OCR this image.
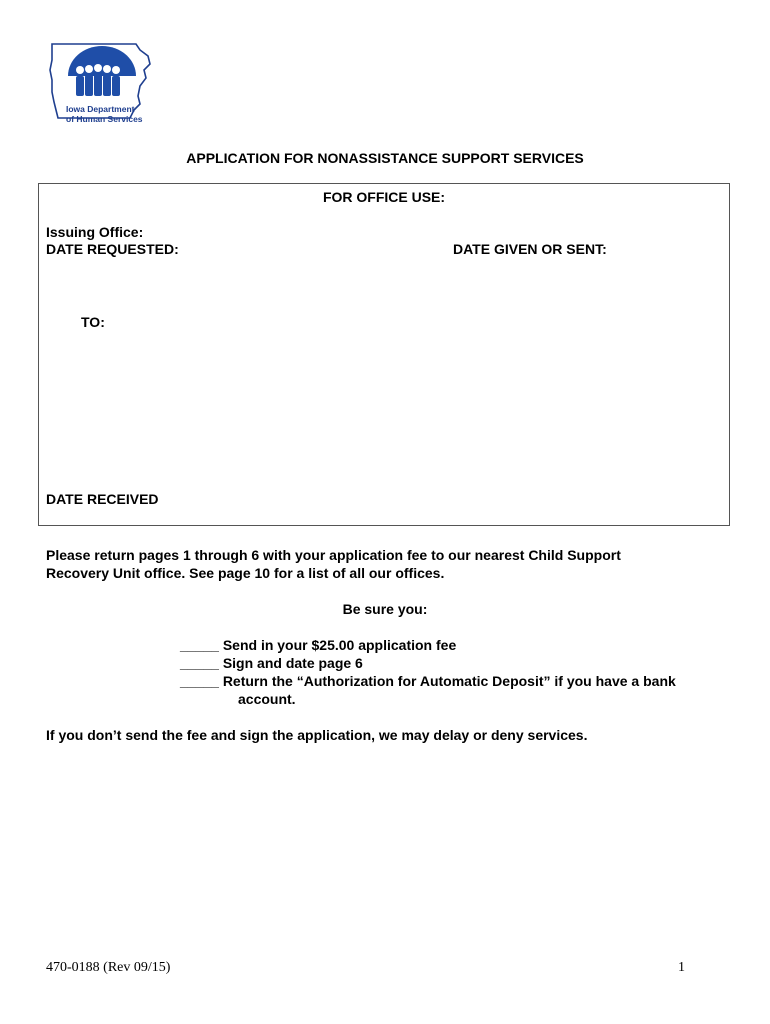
Iowa Department
of Human Services
APPLICATION FOR NONASSISTANCE SUPPORT SERVICES
FOR OFFICE USE:
Issuing Office:
DATE REQUESTED:	DATE GIVEN OR SENT:
TO:
DATE RECEIVED
Please return pages 1 through 6 with your application fee to our nearest Child Support
Recovery Unit office. See page 10 for a list of all our offices.
Be sure you:
_____ Send in your $25.00 application fee
_____ Sign and date page 6
_____ Return the “Authorization for Automatic Deposit” if you have a bank
account.
If you don’t send the fee and sign the application, we may delay or deny services.
470-0188 (Rev 09/15)	1
